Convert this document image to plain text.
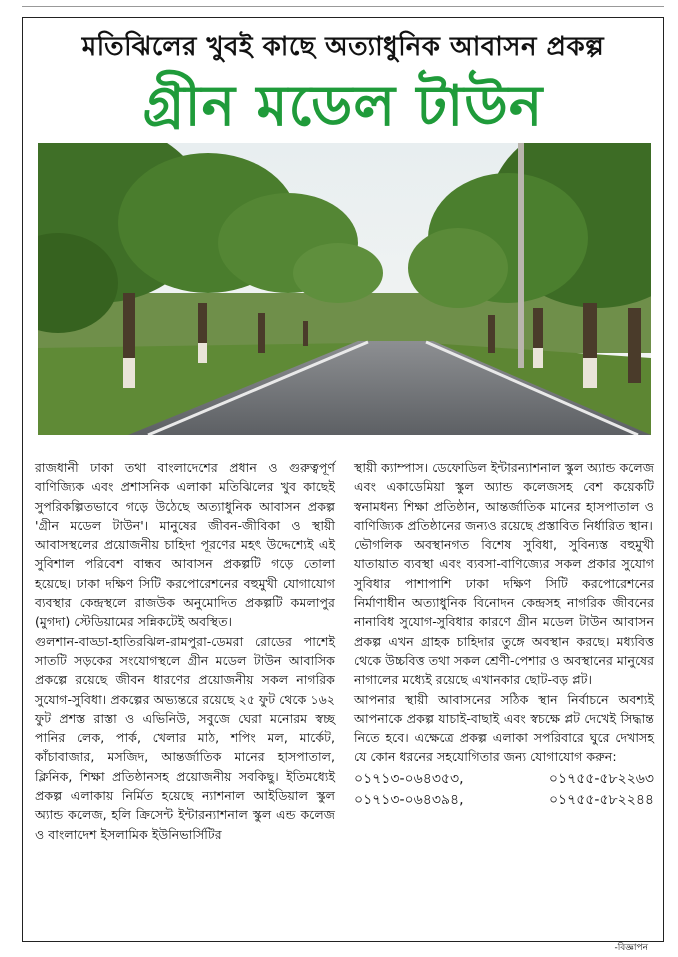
মতিঝিলের খুবই কাছে অত্যাধুনিক আবাসন প্রকল্প
গ্রীন মডেল টাউন

রাজধানী ঢাকা তথা বাংলাদেশের প্রধান ও গুরুত্বপূর্ণ বাণিজ্যিক এবং প্রশাসনিক এলাকা মতিঝিলের খুব কাছেই সুপরিকল্পিতভাবে গড়ে উঠেছে অত্যাধুনিক আবাসন প্রকল্প 'গ্রীন মডেল টাউন'। মানুষের জীবন-জীবিকা ও স্থায়ী আবাসস্থলের প্রয়োজনীয় চাহিদা পূরণের মহৎ উদ্দেশ্যেই এই সুবিশাল পরিবেশ বান্ধব আবাসন প্রকল্পটি গড়ে তোলা হয়েছে। ঢাকা দক্ষিণ সিটি করপোরেশনের বহুমুখী যোগাযোগ ব্যবস্থার কেন্দ্রস্থলে রাজউক অনুমোদিত প্রকল্পটি কমলাপুর (মুগদা) স্টেডিয়ামের সন্নিকটেই অবস্থিত।

গুলশান-বাড্ডা-হাতিরঝিল-রামপুরা-ডেমরা রোডের পাশেই সাতটি সড়কের সংযোগস্থলে গ্রীন মডেল টাউন আবাসিক প্রকল্পে রয়েছে জীবন ধারণের প্রয়োজনীয় সকল নাগরিক সুযোগ-সুবিধা। প্রকল্পের অভ্যন্তরে রয়েছে ২৫ ফুট থেকে ১৬২ ফুট প্রশস্ত রাস্তা ও এভিনিউ, সবুজে ঘেরা মনোরম স্বচ্ছ পানির লেক, পার্ক, খেলার মাঠ, শপিং মল, মার্কেট, কাঁচাবাজার, মসজিদ, আন্তর্জাতিক মানের হাসপাতাল, ক্লিনিক, শিক্ষা প্রতিষ্ঠানসহ প্রয়োজনীয় সবকিছু। ইতিমধ্যেই প্রকল্প এলাকায় নির্মিত হয়েছে ন্যাশনাল আইডিয়াল স্কুল অ্যান্ড কলেজ, হলি ক্রিসেন্ট ইন্টারন্যাশনাল স্কুল এন্ড কলেজ ও বাংলাদেশ ইসলামিক ইউনিভার্সিটির

স্থায়ী ক্যাম্পাস। ডেফোডিল ইন্টারন্যাশনাল স্কুল অ্যান্ড কলেজ এবং একাডেমিয়া স্কুল অ্যান্ড কলেজসহ বেশ কয়েকটি স্বনামধন্য শিক্ষা প্রতিষ্ঠান, আন্তর্জাতিক মানের হাসপাতাল ও বাণিজ্যিক প্রতিষ্ঠানের জন্যও রয়েছে প্রস্তাবিত নির্ধারিত স্থান।

ভৌগলিক অবস্থানগত বিশেষ সুবিধা, সুবিন্যস্ত বহুমুখী যাতায়াত ব্যবস্থা এবং ব্যবসা-বাণিজ্যের সকল প্রকার সুযোগ সুবিধার পাশাপাশি ঢাকা দক্ষিণ সিটি করপোরেশনের নির্মাণাধীন অত্যাধুনিক বিনোদন কেন্দ্রসহ নাগরিক জীবনের নানাবিধ সুযোগ-সুবিধার কারণে গ্রীন মডেল টাউন আবাসন প্রকল্প এখন গ্রাহক চাহিদার তুঙ্গে অবস্থান করছে। মধ্যবিত্ত থেকে উচ্চবিত্ত তথা সকল শ্রেণী-পেশার ও অবস্থানের মানুষের নাগালের মধ্যেই রয়েছে এখানকার ছোট-বড় প্লট।

আপনার স্থায়ী আবাসনের সঠিক স্থান নির্বাচনে অবশ্যই আপনাকে প্রকল্প যাচাই-বাছাই এবং স্বচক্ষে প্লট দেখেই সিদ্ধান্ত নিতে হবে। এক্ষেত্রে প্রকল্প এলাকা সপরিবারে ঘুরে দেখাসহ যে কোন ধরনের সহযোগিতার জন্য যোগাযোগ করুন:

০১৭১৩-০৬৪৩৫৩,	০১৭৫৫-৫৮২২৬৩
০১৭১৩-০৬৪৩৯৪,	০১৭৫৫-৫৮২২৪৪
-বিজ্ঞাপন
